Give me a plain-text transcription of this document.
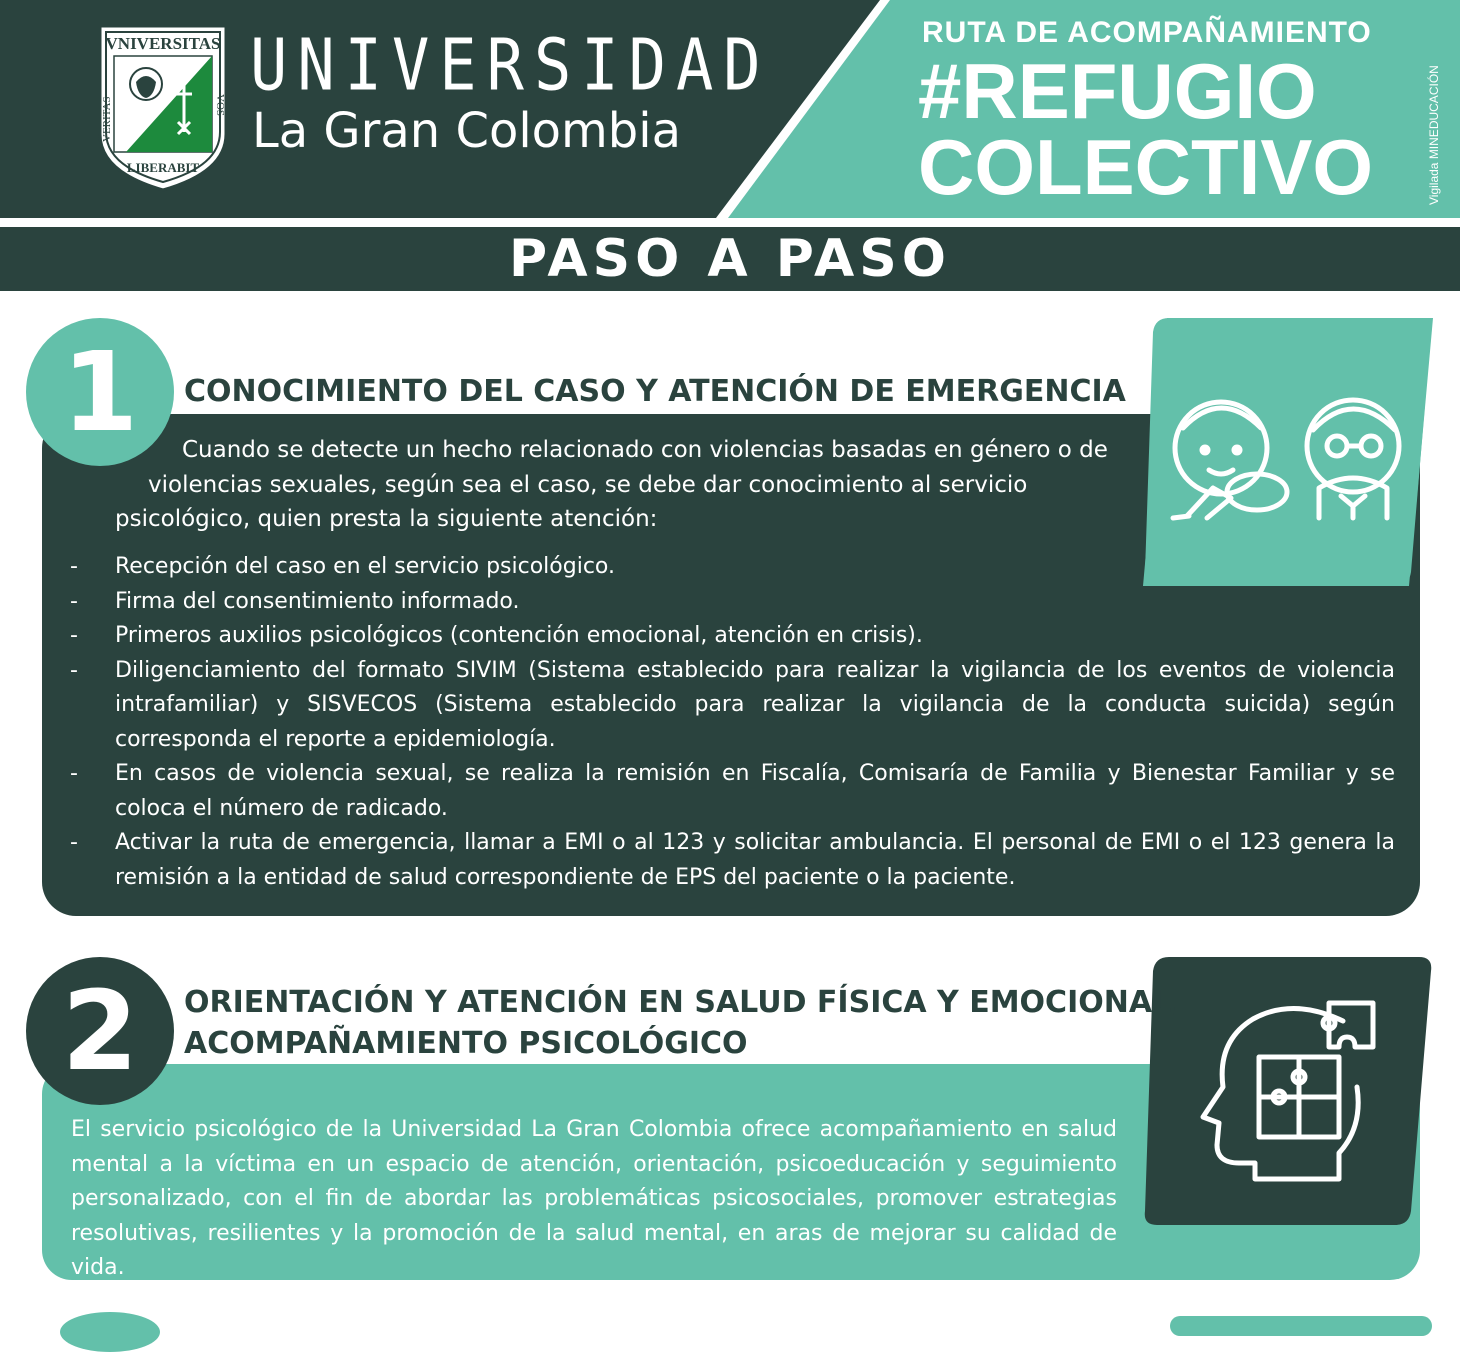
VNIVERSITAS
VERITAS	VOS
LIBERABIT
UNIVERSIDAD
La Gran Colombia
RUTA DE ACOMPAÑAMIENTO
#REFUGIO
COLECTIVO	Vigilada MINEDUCACIÓN
PASO A PASO
1	CONOCIMIENTO DEL CASO Y ATENCIÓN DE EMERGENCIA
Cuando se detecte un hecho relacionado con violencias basadas en género o de
violencias sexuales, según sea el caso, se debe dar conocimiento al servicio
psicológico, quien presta la siguiente atención:
- Recepción del caso en el servicio psicológico.
- Firma del consentimiento informado.
- Primeros auxilios psicológicos (contención emocional, atención en crisis).
- Diligenciamiento del formato SIVIM (Sistema establecido para realizar la vigilancia de los eventos de violencia intrafamiliar) y SISVECOS (Sistema establecido para realizar la vigilancia de la conducta suicida) según corresponda el reporte a epidemiología.
- En casos de violencia sexual, se realiza la remisión en Fiscalía, Comisaría de Familia y Bienestar Familiar y se coloca el número de radicado.
- Activar la ruta de emergencia, llamar a EMI o al 123 y solicitar ambulancia. El personal de EMI o el 123 genera la remisión a la entidad de salud correspondiente de EPS del paciente o la paciente.
2	ORIENTACIÓN Y ATENCIÓN EN SALUD FÍSICA Y EMOCIONAL,
ACOMPAÑAMIENTO PSICOLÓGICO
El servicio psicológico de la Universidad La Gran Colombia ofrece acompañamiento en salud mental a la víctima en un espacio de atención, orientación, psicoeducación y seguimiento personalizado, con el fin de abordar las problemáticas psicosociales, promover estrategias resolutivas, resilientes y la promoción de la salud mental, en aras de mejorar su calidad de vida.
